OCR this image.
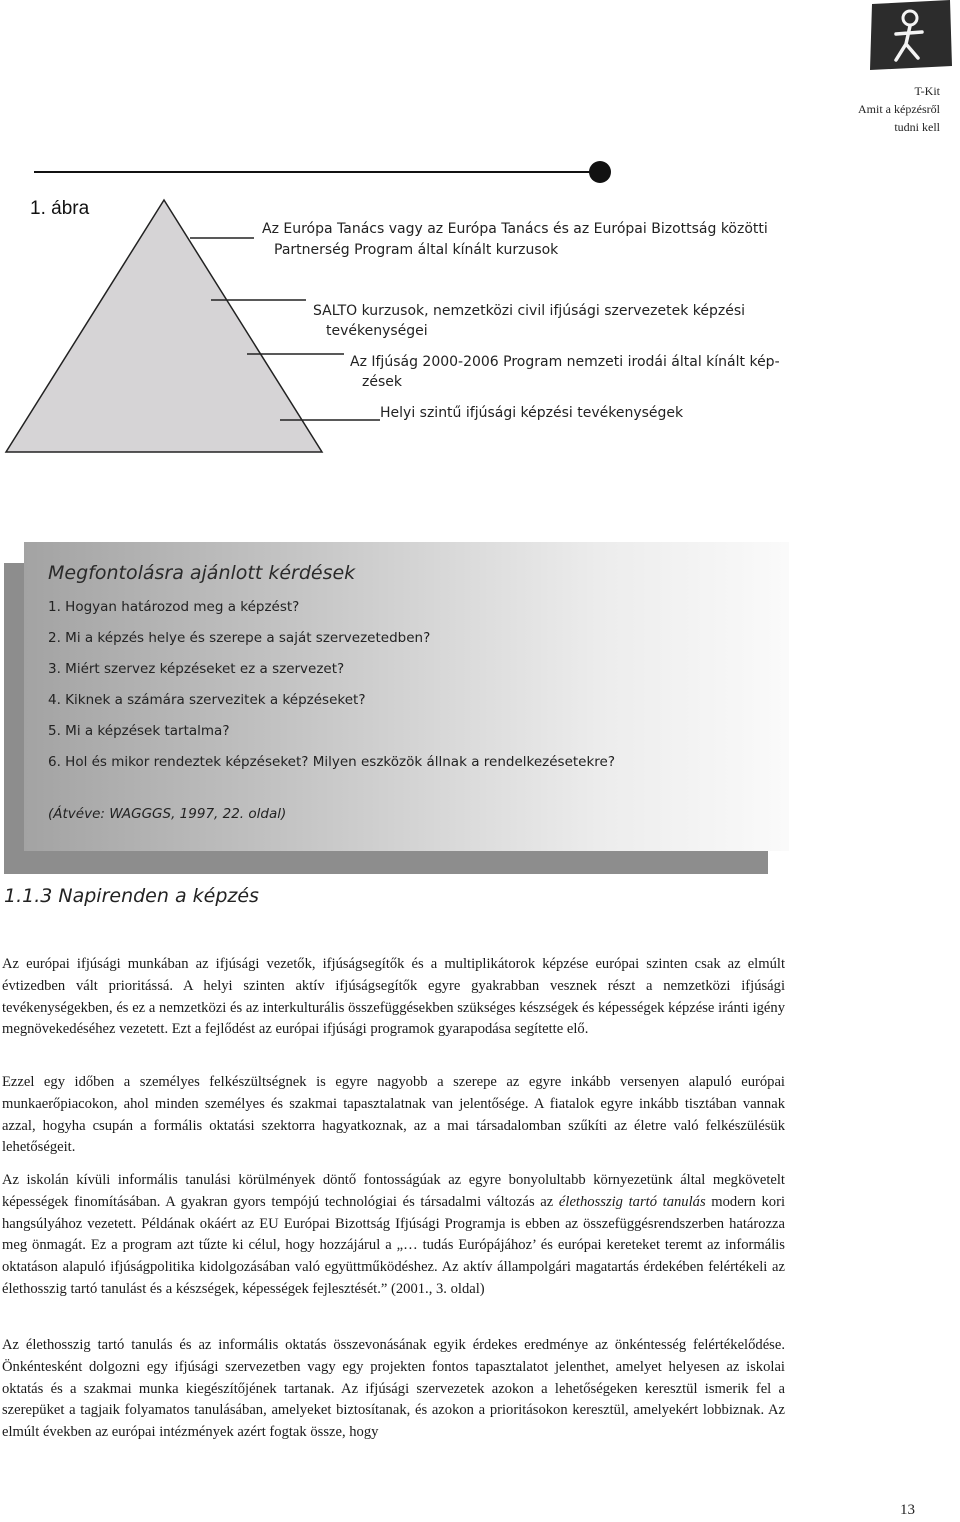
T-Kit
Amit a képzésről
tudni kell
1. ábra
Az Európa Tanács vagy az Európa Tanács és az Európai Bizottság közötti
Partnerség Program által kínált kurzusok
SALTO kurzusok, nemzetközi civil ifjúsági szervezetek képzési
tevékenységei
Az Ifjúság 2000-2006 Program nemzeti irodái által kínált kép-
zések
Helyi szintű ifjúsági képzési tevékenységek
Megfontolásra ajánlott kérdések
1. Hogyan határozod meg a képzést?
2. Mi a képzés helye és szerepe a saját szervezetedben?
3. Miért szervez képzéseket ez a szervezet?
4. Kiknek a számára szervezitek a képzéseket?
5. Mi a képzések tartalma?
6. Hol és mikor rendeztek képzéseket? Milyen eszközök állnak a rendelkezésetekre?
(Átvéve: WAGGGS, 1997, 22. oldal)
1.1.3 Napirenden a képzés

Az európai ifjúsági munkában az ifjúsági vezetők, ifjúságsegítők és a multiplikátorok képzése európai szinten csak az elmúlt évtizedben vált prioritássá. A helyi szinten aktív ifjúságsegítők egyre gyakrabban vesznek részt a nemzetközi ifjúsági tevékenységekben, és ez a nemzetközi és az interkulturális összefüggésekben szükséges készségek és képességek képzése iránti igény megnövekedéséhez vezetett. Ezt a fejlődést az európai ifjúsági programok gyarapodása segítette elő.

Ezzel egy időben a személyes felkészültségnek is egyre nagyobb a szerepe az egyre inkább versenyen alapuló európai munkaerőpiacokon, ahol minden személyes és szakmai tapasztalatnak van jelentősége. A fiatalok egyre inkább tisztában vannak azzal, hogyha csupán a formális oktatási szektorra hagyatkoznak, az a mai társadalomban szűkíti az életre való felkészülésük lehetőségeit.

Az iskolán kívüli informális tanulási körülmények döntő fontosságúak az egyre bonyolultabb környezetünk által megkövetelt képességek finomításában. A gyakran gyors tempójú technológiai és társadalmi változás az élethosszig tartó tanulás modern kori hangsúlyához vezetett. Példának okáért az EU Európai Bizottság Ifjúsági Programja is ebben az összefüggésrendszerben határozza meg önmagát. Ez a program azt tűzte ki célul, hogy hozzájárul a „… tudás Európájához’ és európai kereteket teremt az informális oktatáson alapuló ifjúságpolitika kidolgozásában való együttműködéshez. Az aktív állampolgári magatartás érdekében felértékeli az élethosszig tartó tanulást és a készségek, képességek fejlesztését.” (2001., 3. oldal)

Az élethosszig tartó tanulás és az informális oktatás összevonásának egyik érdekes eredménye az önkéntesség felértékelődése. Önkéntesként dolgozni egy ifjúsági szervezetben vagy egy projekten fontos tapasztalatot jelenthet, amelyet helyesen az iskolai oktatás és a szakmai munka kiegészítőjének tartanak. Az ifjúsági szervezetek azokon a lehetőségeken keresztül ismerik fel a szerepüket a tagjaik folyamatos tanulásában, amelyeket biztosítanak, és azokon a prioritásokon keresztül, amelyekért lobbiznak. Az elmúlt években az európai intézmények azért fogtak össze, hogy

13
